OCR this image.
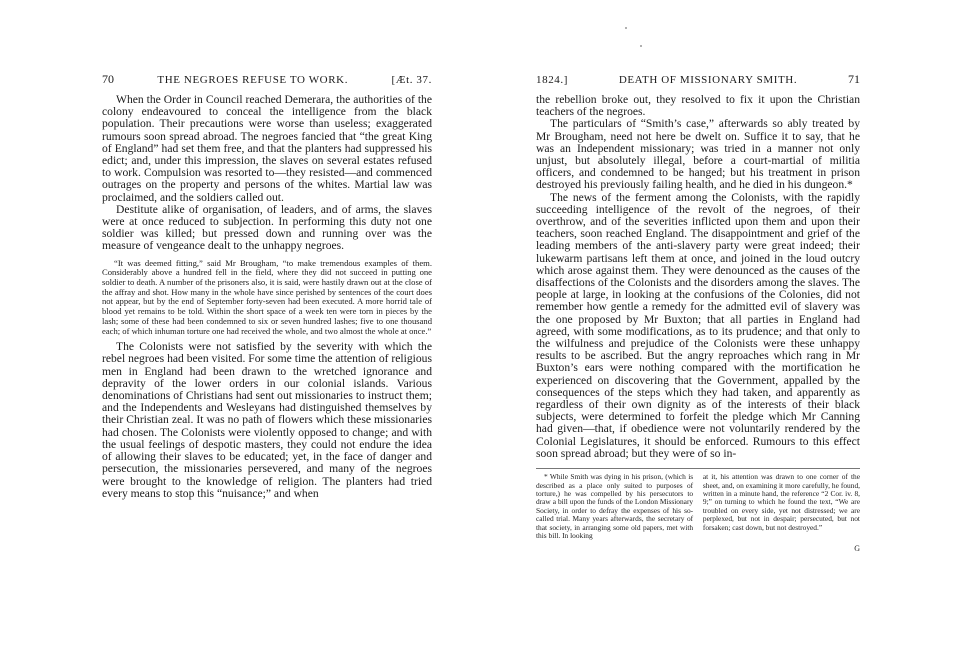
70	THE NEGROES REFUSE TO WORK.	[Æt. 37.

When the Order in Council reached Demerara, the authorities of the colony endeavoured to conceal the intelligence from the black population. Their precautions were worse than useless; exaggerated rumours soon spread abroad. The negroes fancied that “the great King of England” had set them free, and that the planters had suppressed his edict; and, under this impression, the slaves on several estates refused to work. Compulsion was resorted to—they resisted—and commenced outrages on the property and persons of the whites. Martial law was proclaimed, and the soldiers called out.

Destitute alike of organisation, of leaders, and of arms, the slaves were at once reduced to subjection. In performing this duty not one soldier was killed; but pressed down and running over was the measure of vengeance dealt to the unhappy negroes.

“It was deemed fitting,” said Mr Brougham, “to make tremendous examples of them. Considerably above a hundred fell in the field, where they did not succeed in putting one soldier to death. A number of the prisoners also, it is said, were hastily drawn out at the close of the affray and shot. How many in the whole have since perished by sentences of the court does not appear, but by the end of September forty-seven had been executed. A more horrid tale of blood yet remains to be told. Within the short space of a week ten were torn in pieces by the lash; some of these had been condemned to six or seven hundred lashes; five to one thousand each; of which inhuman torture one had received the whole, and two almost the whole at once.”

The Colonists were not satisfied by the severity with which the rebel negroes had been visited. For some time the attention of religious men in England had been drawn to the wretched ignorance and depravity of the lower orders in our colonial islands. Various denominations of Christians had sent out missionaries to instruct them; and the Independents and Wesleyans had distinguished themselves by their Christian zeal. It was no path of flowers which these missionaries had chosen. The Colonists were violently opposed to change; and with the usual feelings of despotic masters, they could not endure the idea of allowing their slaves to be educated; yet, in the face of danger and persecution, the missionaries persevered, and many of the negroes were brought to the knowledge of religion. The planters had tried every means to stop this “nuisance;” and when

1824.]	DEATH OF MISSIONARY SMITH.	71

the rebellion broke out, they resolved to fix it upon the Christian teachers of the negroes.

The particulars of “Smith’s case,” afterwards so ably treated by Mr Brougham, need not here be dwelt on. Suffice it to say, that he was an Independent missionary; was tried in a manner not only unjust, but absolutely illegal, before a court-martial of militia officers, and condemned to be hanged; but his treatment in prison destroyed his previously failing health, and he died in his dungeon.*

The news of the ferment among the Colonists, with the rapidly succeeding intelligence of the revolt of the negroes, of their overthrow, and of the severities inflicted upon them and upon their teachers, soon reached England. The disappointment and grief of the leading members of the anti-slavery party were great indeed; their lukewarm partisans left them at once, and joined in the loud outcry which arose against them. They were denounced as the causes of the disaffections of the Colonists and the disorders among the slaves. The people at large, in looking at the confusions of the Colonies, did not remember how gentle a remedy for the admitted evil of slavery was the one proposed by Mr Buxton; that all parties in England had agreed, with some modifications, as to its prudence; and that only to the wilfulness and prejudice of the Colonists were these unhappy results to be ascribed. But the angry reproaches which rang in Mr Buxton’s ears were nothing compared with the mortification he experienced on discovering that the Government, appalled by the consequences of the steps which they had taken, and apparently as regardless of their own dignity as of the interests of their black subjects, were determined to forfeit the pledge which Mr Canning had given—that, if obedience were not voluntarily rendered by the Colonial Legislatures, it should be enforced. Rumours to this effect soon spread abroad; but they were of so in-

* While Smith was dying in his prison, (which is described as a place only suited to purposes of torture,) he was compelled by his persecutors to draw a bill upon the funds of the London Missionary Society, in order to defray the expenses of his so-called trial. Many years afterwards, the secretary of that society, in arranging some old papers, met with this bill. In looking

at it, his attention was drawn to one corner of the sheet, and, on examining it more carefully, he found, written in a minute hand, the reference “2 Cor. iv. 8, 9;” on turning to which he found the text, “We are troubled on every side, yet not distressed; we are perplexed, but not in despair; persecuted, but not forsaken; cast down, but not destroyed.”

G
